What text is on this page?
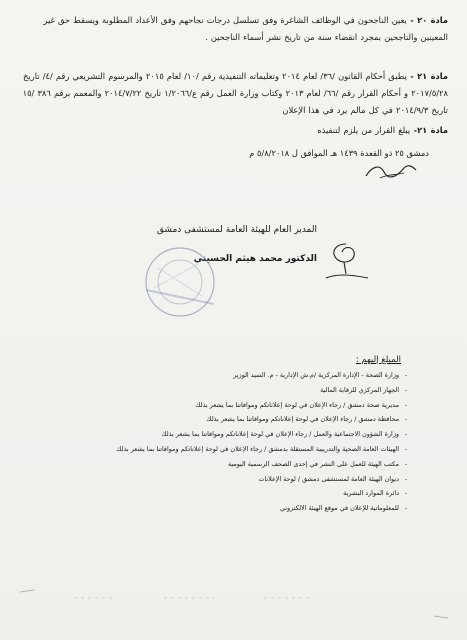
مادة ٢٠ - يعين الناجحون في الوظائف الشاغرة وفق تسلسل درجات نجاحهم وفق الأعداد المطلوبة ويسقط حق غير المعينين والناجحين بمجرد انقضاء سنة من تاريخ نشر أسماء الناجحين .
مادة ٢١ - يطبق أحكام القانون /٣٦/ لعام ٢٠١٤ وتعليماته التنفيذية رقم /١٠/ لعام ٢٠١٥ والمرسوم التشريعي رقم /٤/ تاريخ ٢٠١٧/٥/٢٨ و أحكام القرار رقم /٦٦/ لعام ٢٠١٣ وكتاب وزارة العمل رقم ع/١/٢٠٦٦ تاريخ ٢٠١٤/٧/٢٢ والمعمم برقم ٣٨٦ /١٥ تاريخ ٢٠١٤/٩/٣ في كل مالم يرد في هذا الإعلان
مادة ٢١- يبلغ القرار من يلزم لتنفيذه
دمشق ٢٥ ذو القعدة ١٤٣٩ هـ الموافق ل ٥/٨/٢٠١٨ م
المدير العام للهيئة العامة لمستشفى دمشق
الدكتور محمد هيثم الحسيني
المبلغ إليهم :
- وزارة الصحة - الإدارة المركزية /م.ش الإدارية - م. السيد الوزير
- الجهاز المركزي للرقابة المالية
- مديرية صحة دمشق / رجاء الإعلان في لوحة إعلاناتكم وموافاتنا بما يشعر بذلك
- محافظة دمشق / رجاء الإعلان في لوحة إعلاناتكم وموافاتنا بما يشعر بذلك
- وزارة الشؤون الاجتماعية والعمل / رجاء الإعلان في لوحة إعلاناتكم وموافاتنا بما يشعر بذلك
- الهيئات العامة الصحية والتدريبية المستقلة بدمشق / رجاء الإعلان في لوحة إعلاناتكم وموافاتنا بما يشعر بذلك
- مكتب الهيئة للعمل على النشر في إحدى الصحف الرسمية اليومية
- ديوان الهيئة العامة لمستشفى دمشق / لوحة الإعلانات
- دائرة الموارد البشرية
- للمعلوماتية للإعلان في موقع الهيئة الالكتروني
